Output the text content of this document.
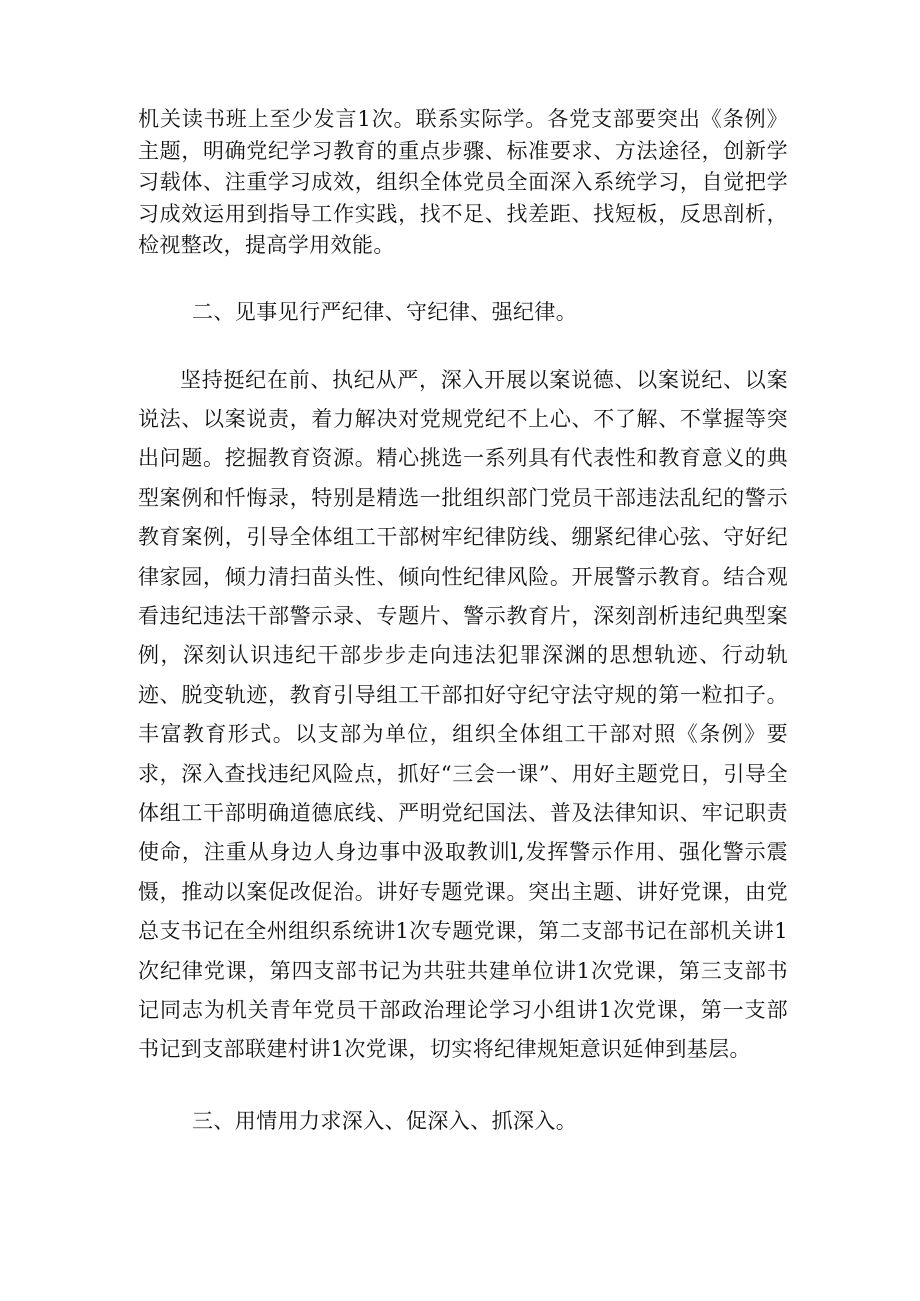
机关读书班上至少发言1次。联系实际学。各党支部要突出《条例》主题，明确党纪学习教育的重点步骤、标准要求、方法途径，创新学习载体、注重学习成效，组织全体党员全面深入系统学习，自觉把学习成效运用到指导工作实践，找不足、找差距、找短板，反思剖析，检视整改，提高学用效能。

二、见事见行严纪律、守纪律、强纪律。

坚持挺纪在前、执纪从严，深入开展以案说德、以案说纪、以案说法、以案说责，着力解决对党规党纪不上心、不了解、不掌握等突出问题。挖掘教育资源。精心挑选一系列具有代表性和教育意义的典型案例和忏悔录，特别是精选一批组织部门党员干部违法乱纪的警示教育案例，引导全体组工干部树牢纪律防线、绷紧纪律心弦、守好纪律家园，倾力清扫苗头性、倾向性纪律风险。开展警示教育。结合观看违纪违法干部警示录、专题片、警示教育片，深刻剖析违纪典型案例，深刻认识违纪干部步步走向违法犯罪深渊的思想轨迹、行动轨迹、脱变轨迹，教育引导组工干部扣好守纪守法守规的第一粒扣子。丰富教育形式。以支部为单位，组织全体组工干部对照《条例》要求，深入查找违纪风险点，抓好“三会一课”、用好主题党日，引导全体组工干部明确道德底线、严明党纪国法、普及法律知识、牢记职责使命，注重从身边人身边事中汲取教训l,发挥警示作用、强化警示震慑，推动以案促改促治。讲好专题党课。突出主题、讲好党课，由党总支书记在全州组织系统讲1次专题党课，第二支部书记在部机关讲1次纪律党课，第四支部书记为共驻共建单位讲1次党课，第三支部书记同志为机关青年党员干部政治理论学习小组讲1次党课，第一支部书记到支部联建村讲1次党课，切实将纪律规矩意识延伸到基层。

三、用情用力求深入、促深入、抓深入。
